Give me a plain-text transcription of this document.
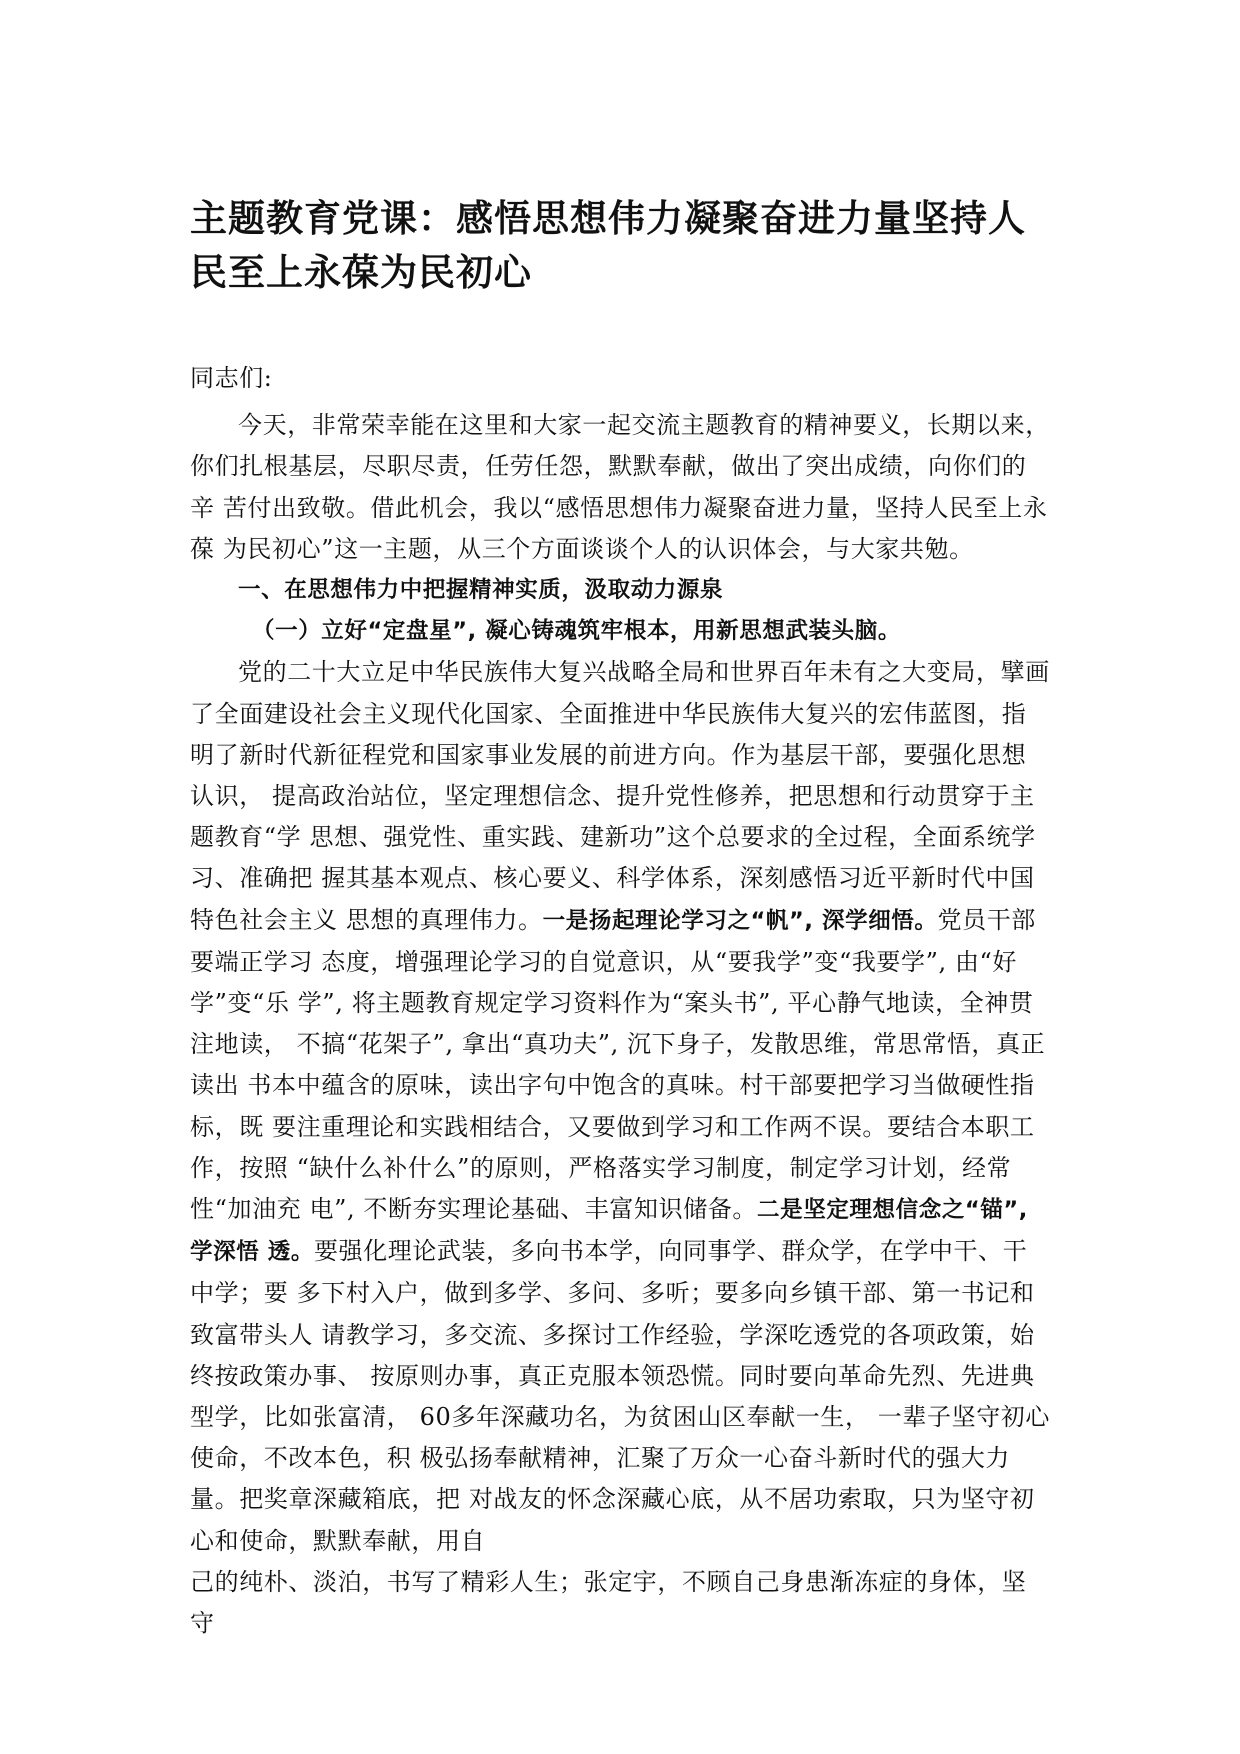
主题教育党课：感悟思想伟力凝聚奋进力量坚持人民至上永葆为民初心

同志们:

今天，非常荣幸能在这里和大家一起交流主题教育的精神要义，长期以来， 你们扎根基层，尽职尽责，任劳任怨，默默奉献，做出了突出成绩，向你们的辛 苦付出致敬。借此机会，我以“感悟思想伟力凝聚奋进力量，坚持人民至上永葆 为民初心”这一主题，从三个方面谈谈个人的认识体会，与大家共勉。

一、在思想伟力中把握精神实质，汲取动力源泉

（一）立好“定盘星”, 凝心铸魂筑牢根本，用新思想武装头脑。

党的二十大立足中华民族伟大复兴战略全局和世界百年未有之大变局，擘画了全面建设社会主义现代化国家、全面推进中华民族伟大复兴的宏伟蓝图，指明了新时代新征程党和国家事业发展的前进方向。作为基层干部，要强化思想认识， 提高政治站位，坚定理想信念、提升党性修养，把思想和行动贯穿于主题教育“学 思想、强党性、重实践、建新功”这个总要求的全过程，全面系统学习、准确把 握其基本观点、核心要义、科学体系，深刻感悟习近平新时代中国特色社会主义 思想的真理伟力。一是扬起理论学习之“帆”, 深学细悟。党员干部要端正学习 态度，增强理论学习的自觉意识，从“要我学”变“我要学”, 由“好学”变“乐 学”, 将主题教育规定学习资料作为“案头书”, 平心静气地读，全神贯注地读， 不搞“花架子”, 拿出“真功夫”, 沉下身子，发散思维，常思常悟，真正读出 书本中蕴含的原味，读出字句中饱含的真味。村干部要把学习当做硬性指标，既 要注重理论和实践相结合，又要做到学习和工作两不误。要结合本职工作，按照 “缺什么补什么”的原则，严格落实学习制度，制定学习计划，经常性“加油充 电”, 不断夯实理论基础、丰富知识储备。二是坚定理想信念之“锚”, 学深悟 透。要强化理论武装，多向书本学，向同事学、群众学，在学中干、干中学；要 多下村入户，做到多学、多问、多听；要多向乡镇干部、第一书记和致富带头人 请教学习，多交流、多探讨工作经验，学深吃透党的各项政策，始终按政策办事、 按原则办事，真正克服本领恐慌。同时要向革命先烈、先进典型学，比如张富清， 60多年深藏功名，为贫困山区奉献一生， 一辈子坚守初心使命，不改本色，积 极弘扬奉献精神，汇聚了万众一心奋斗新时代的强大力量。把奖章深藏箱底，把 对战友的怀念深藏心底，从不居功索取，只为坚守初心和使命，默默奉献，用自

己的纯朴、淡泊，书写了精彩人生；张定宇，不顾自己身患渐冻症的身体，坚守
